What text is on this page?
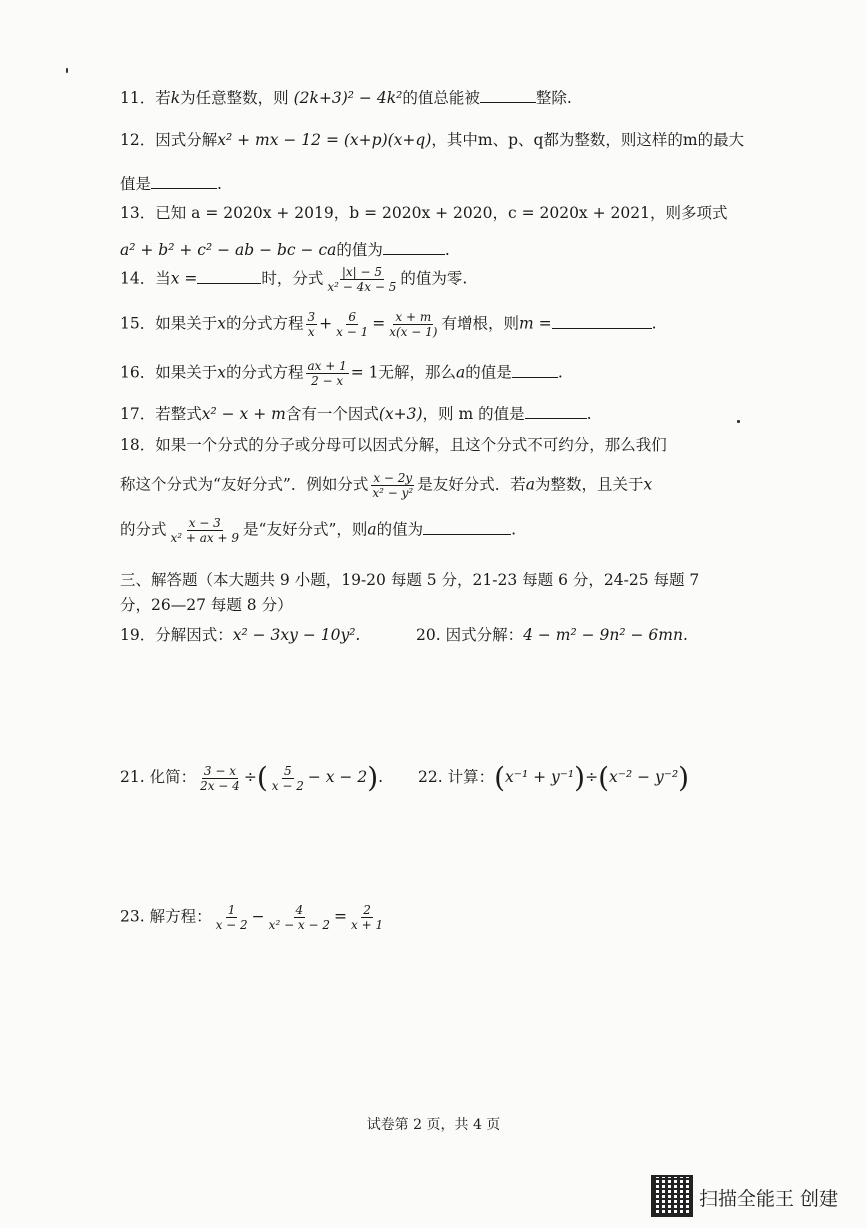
11．若k为任意整数，则 (2k+3)² − 4k²的值总能被	整除.
12．因式分解x² + mx − 12 = (x+p)(x+q)，其中m、p、q都为整数，则这样的m的最大
值是	.
13．已知 a = 2020x + 2019，b = 2020x + 2020，c = 2020x + 2021，则多项式
a² + b² + c² − ab − bc − ca的值为	.
14．当x =	时，分式 $\frac{|x| - 5}{\text{x² − 4x − 5}}$ 的值为零.
15．如果关于x的分式方程 $\frac{3}{x} + \frac{6}{x - 1} = \frac{x + m}{x(x - 1)}$ 有增根，则m =	.
16．如果关于x的分式方程 $\frac{ax + 1}{2 - x} = 1$无解，那么a的值是	.
17．若整式x² − x + m含有一个因式(x+3)，则 m 的值是	.
18．如果一个分式的分子或分母可以因式分解，且这个分式不可约分，那么我们
称这个分式为“友好分式”．例如分式 $\frac{x - 2y}{\text{x² − y²}}$ 是友好分式．若a为整数，且关于x
的分式 $\frac{x - 3}{\text{x² + ax + 9}}$ 是“友好分式”，则a的值为	.
三、解答题（本大题共 9 小题，19-20 每题 5 分，21-23 每题 6 分，24-25 每题 7
分，26—27 每题 8 分）
19．分解因式：x² − 3xy − 10y².	20. 因式分解：4 − m² − 9n² − 6mn.
21. 化简： $\frac{3 - x}{2x - 4}$ ÷( $\frac{5}{x - 2} - x - 2$). 22. 计算：(x⁻¹ + y⁻¹)÷(x⁻² − y⁻²)
23. 解方程： $\frac{1}{x - 2} - \frac{4}{\text{x² − x − 2}} = \frac{2}{x + 1}$
试卷第 2 页，共 4 页
扫描全能王 创建
